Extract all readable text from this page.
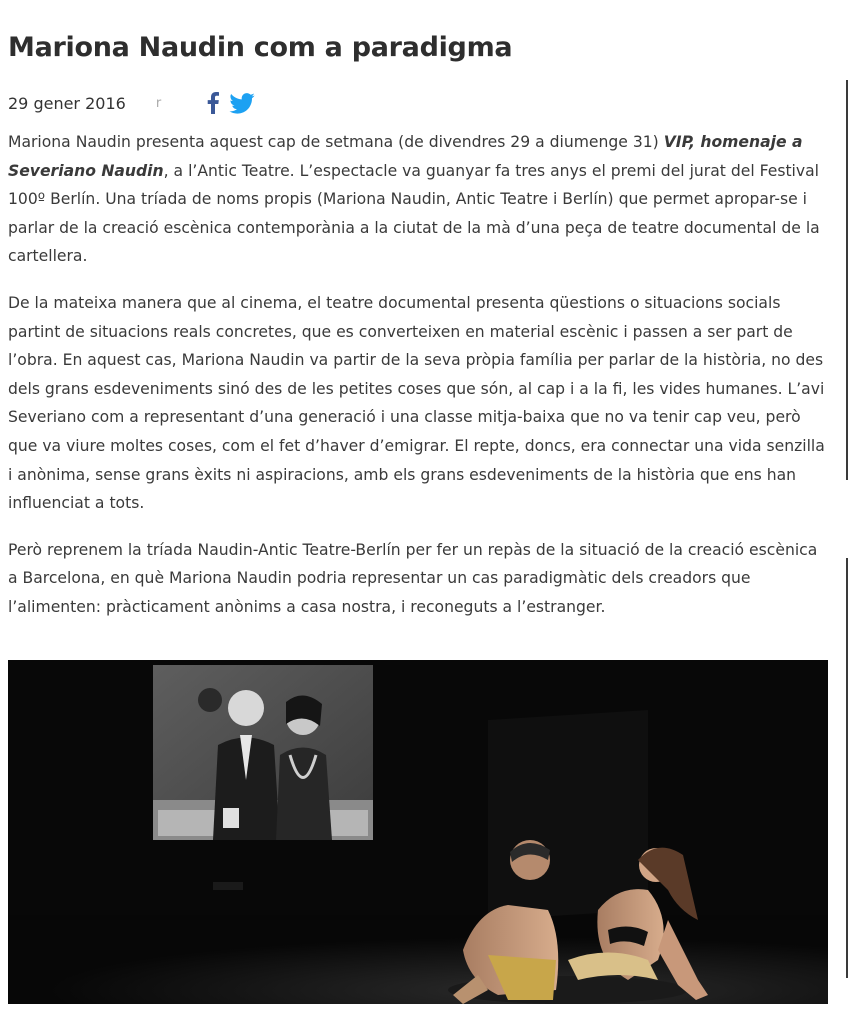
Mariona Naudin com a paradigma
29 gener 2016 r

Mariona Naudin presenta aquest cap de setmana (de divendres 29 a diumenge 31) VIP, homenaje a Severiano Naudin, a l’Antic Teatre. L’espectacle va guanyar fa tres anys el premi del jurat del Festival 100º Berlín. Una tríada de noms propis (Mariona Naudin, Antic Teatre i Berlín) que permet apropar-se i parlar de la creació escènica contemporània a la ciutat de la mà d’una peça de teatre documental de la cartellera.

De la mateixa manera que al cinema, el teatre documental presenta qüestions o situacions socials partint de situacions reals concretes, que es converteixen en material escènic i passen a ser part de l’obra. En aquest cas, Mariona Naudin va partir de la seva pròpia família per parlar de la història, no des dels grans esdeveniments sinó des de les petites coses que són, al cap i a la fi, les vides humanes. L’avi Severiano com a representant d’una generació i una classe mitja-baixa que no va tenir cap veu, però que va viure moltes coses, com el fet d’haver d’emigrar. El repte, doncs, era connectar una vida senzilla i anònima, sense grans èxits ni aspiracions, amb els grans esdeveniments de la història que ens han influenciat a tots.

Però reprenem la tríada Naudin-Antic Teatre-Berlín per fer un repàs de la situació de la creació escènica a Barcelona, en què Mariona Naudin podria representar un cas paradigmàtic dels creadors que l’alimenten: pràcticament anònims a casa nostra, i reconeguts a l’estranger.
